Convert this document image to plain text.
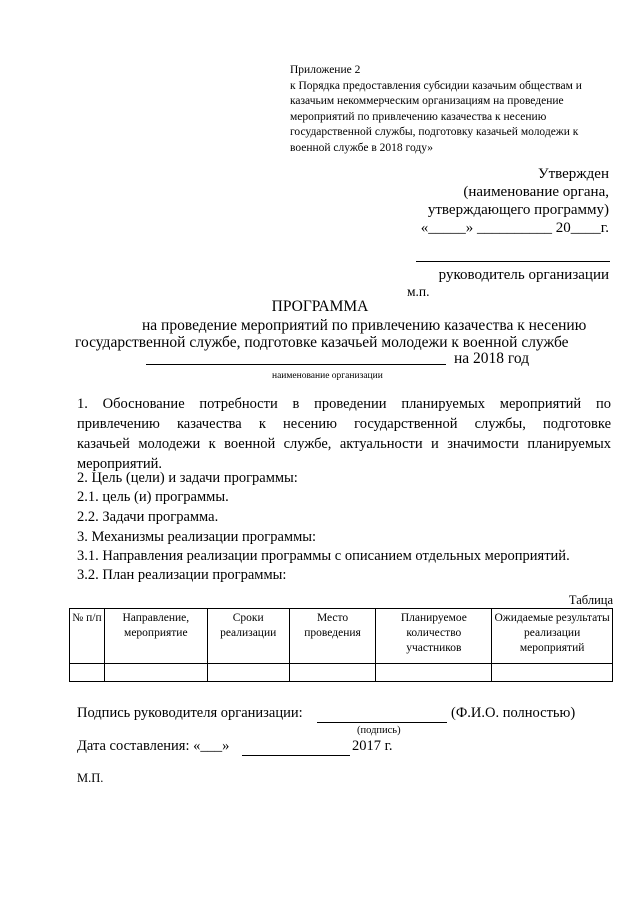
Приложение 2
к Порядка предоставления субсидии казачьим обществам и
казачьим некоммерческим организациям на проведение
мероприятий по привлечению казачества к несению
государственной службы, подготовку казачьей молодежи к
военной службе в 2018 году»
Утвержден
(наименование органа,
утверждающего программу)
«_____» __________ 20____г.
руководитель организации
м.п.
ПРОГРАММА
на проведение мероприятий по привлечению казачества к несению
государственной службе, подготовке казачьей молодежи к военной службе
на 2018 год
наименование организации
1. Обоснование потребности в проведении планируемых мероприятий по
привлечению казачества к несению государственной службы, подготовке
казачьей молодежи к военной службе, актуальности и значимости планируемых
мероприятий.
2. Цель (цели) и задачи программы:
2.1. цель (и) программы.
2.2. Задачи программа.
3. Механизмы реализации программы:
3.1. Направления реализации программы с описанием отдельных мероприятий.
3.2. План реализации программы:
Таблица
№ п/п	Направление, мероприятие	Сроки реализации	Место проведения	Планируемое количество участников	Ожидаемые результаты реализации мероприятий

Подпись руководителя организации:	(Ф.И.О. полностью)
(подпись)
Дата составления: «___»	2017 г.
М.П.
